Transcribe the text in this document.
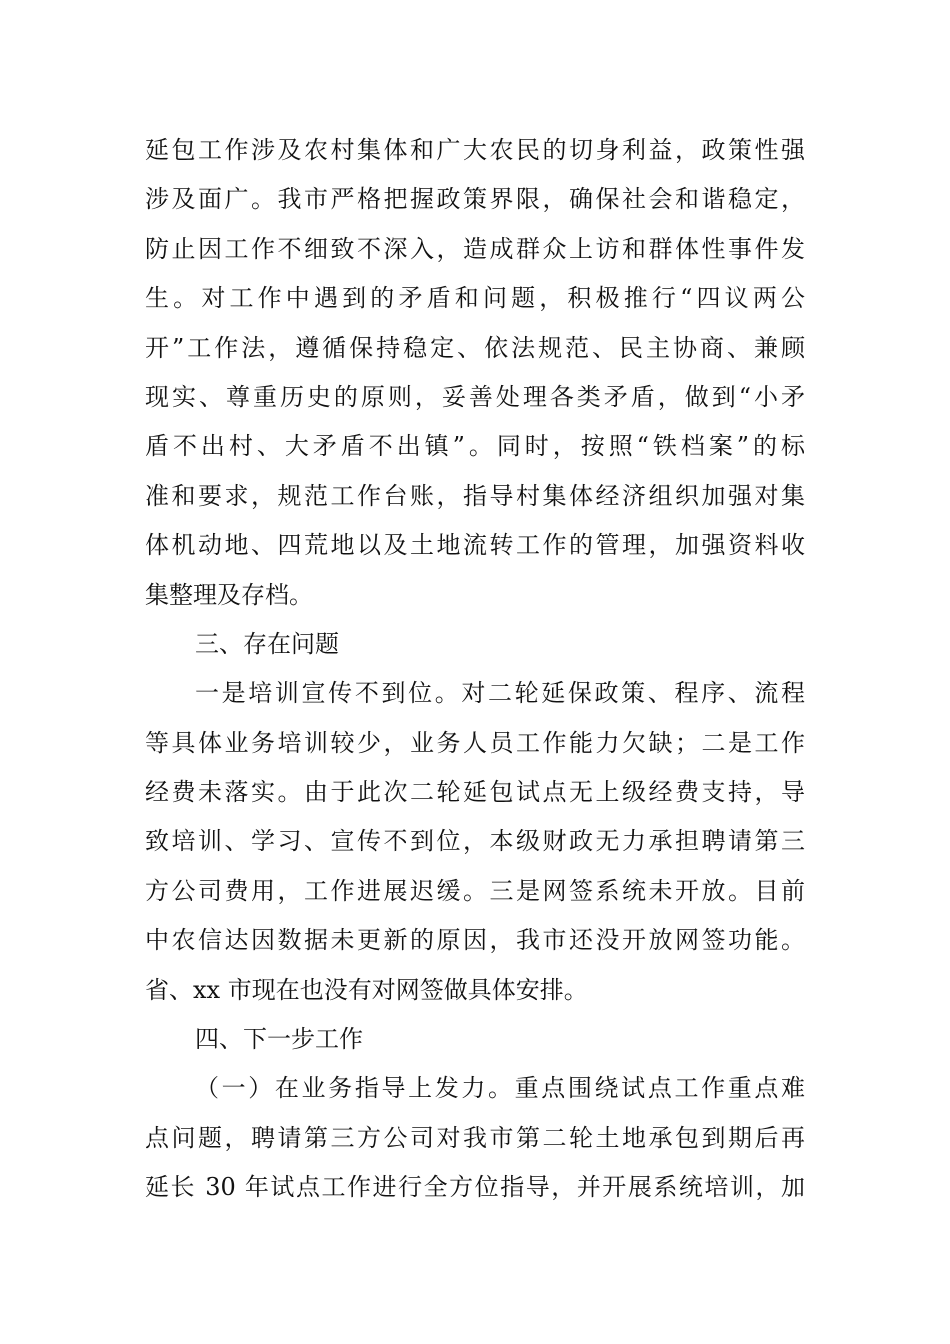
延包工作涉及农村集体和广大农民的切身利益，政策性强
涉及面广。我市严格把握政策界限，确保社会和谐稳定，
防止因工作不细致不深入，造成群众上访和群体性事件发
生。对工作中遇到的矛盾和问题，积极推行“四议两公
开”工作法，遵循保持稳定、依法规范、民主协商、兼顾
现实、尊重历史的原则，妥善处理各类矛盾，做到“小矛
盾不出村、大矛盾不出镇”。同时，按照“铁档案”的标
准和要求，规范工作台账，指导村集体经济组织加强对集
体机动地、四荒地以及土地流转工作的管理，加强资料收
集整理及存档。
三、存在问题
一是培训宣传不到位。对二轮延保政策、程序、流程
等具体业务培训较少，业务人员工作能力欠缺；二是工作
经费未落实。由于此次二轮延包试点无上级经费支持，导
致培训、学习、宣传不到位，本级财政无力承担聘请第三
方公司费用，工作进展迟缓。三是网签系统未开放。目前
中农信达因数据未更新的原因，我市还没开放网签功能。
省、xx 市现在也没有对网签做具体安排。
四、下一步工作
（一）在业务指导上发力。重点围绕试点工作重点难
点问题，聘请第三方公司对我市第二轮土地承包到期后再
延长 30 年试点工作进行全方位指导，并开展系统培训，加
